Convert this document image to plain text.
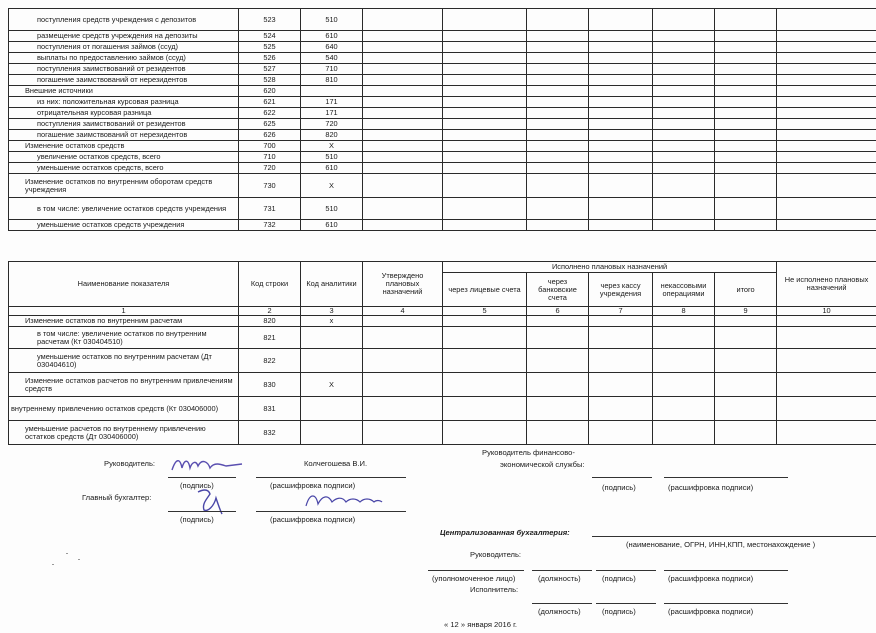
поступления средств учреждения с депозитов	523	510							
размещение средств учреждения на депозиты	524	610							
поступления от погашения займов (ссуд)	525	640							
выплаты по предоставлению займов (ссуд)	526	540							
поступления заимствований от резидентов	527	710							
погашение заимствований от нерезидентов	528	810							
Внешние источники	620								
из них: положительная курсовая разница	621	171							
отрицательная курсовая разница	622	171							
поступления заимствований от резидентов	625	720							
погашение заимствований от нерезидентов	626	820							
Изменение остатков средств	700	Х							
увеличение остатков средств, всего	710	510							
уменьшение остатков средств, всего	720	610							
Изменение остатков по внутренним оборотам средств учреждения	730	Х							
в том числе: увеличение остатков средств учреждения	731	510							
уменьшение остатков средств учреждения	732	610							
Наименование показателя	Код строки	Код аналитики	Утверждено плановых назначений	Исполнено плановых назначений					Не исполнено плановых назначений
				через лицевые счета	через банковские счета	через кассу учреждения	некассовыми операциями	итого	
1	2	3	4	5	6	7	8	9	10
Изменение остатков по внутренним расчетам	820	х							
в том числе: увеличение остатков по внутренним расчетам (Кт 030404510)	821								
уменьшение остатков по внутренним расчетам (Дт 030404610)	822								
Изменение остатков расчетов по внутренним привлечениям средств	830	Х							
внутреннему привлечению остатков средств (Кт 030406000)	831								
уменьшение расчетов по внутреннему привлечению остатков средств (Дт 030406000)	832								
Руководитель:	Колчегошева В.И.
(подпись)	(расшифровка подписи)
Главный бухгалтер:
(подпись)	(расшифровка подписи)
Руководитель финансово-
экономической службы:
(подпись)	(расшифровка подписи)
Централизованная бухгалтерия:
(наименование, ОГРН, ИНН,КПП, местонахождение )
Руководитель:
(уполномоченное лицо)	(должность)	(подпись)	(расшифровка подписи)
Исполнитель:
(должность)	(подпись)	(расшифровка подписи)
« 12 » января 2016 г.
